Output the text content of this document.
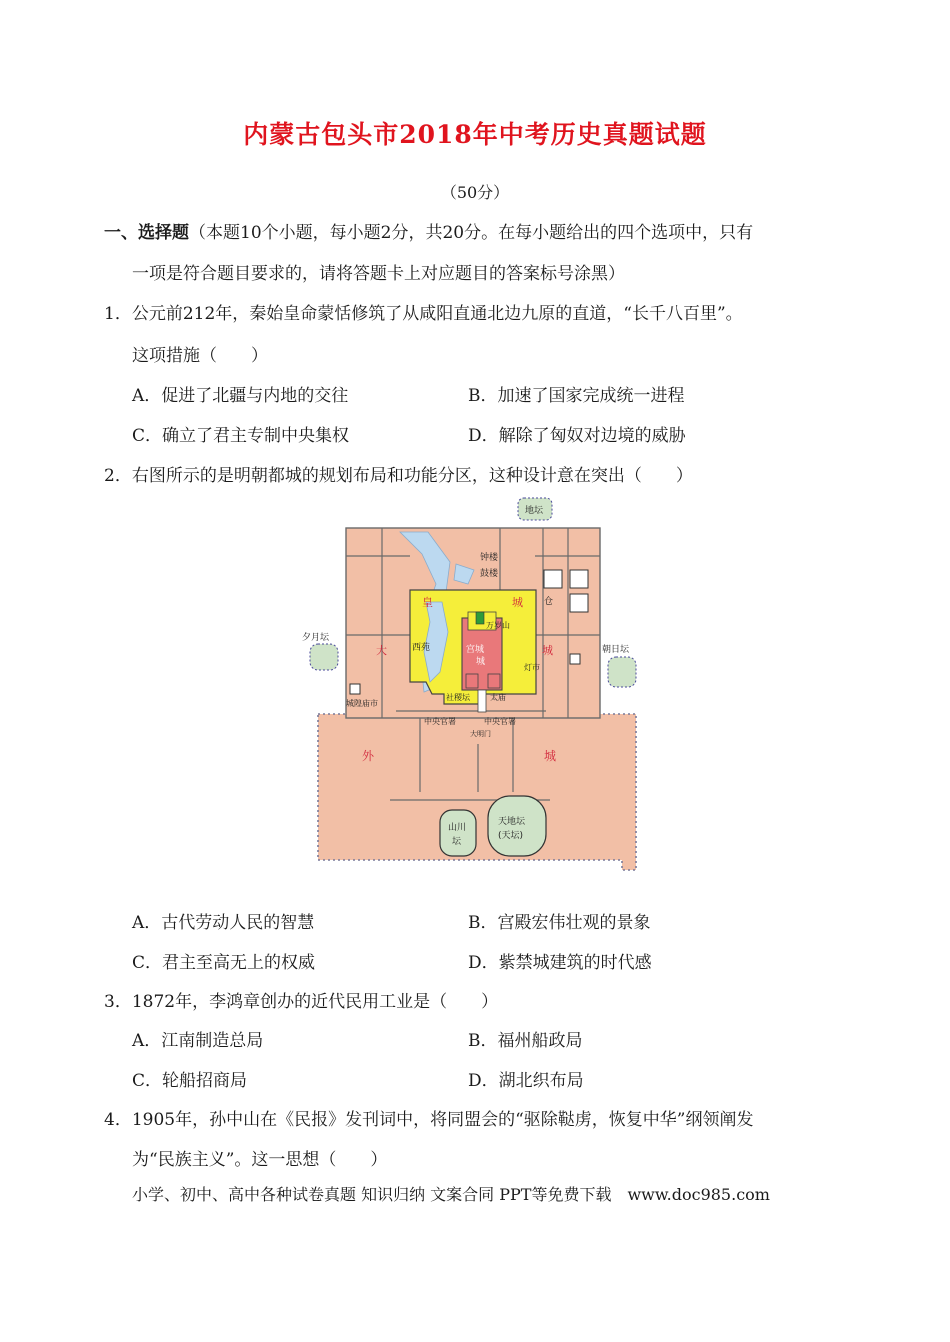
内蒙古包头市2018年中考历史真题试题
（50分）
一、选择题（本题10个小题，每小题2分，共20分。在每小题给出的四个选项中，只有
一项是符合题目要求的，请将答题卡上对应题目的答案标号涂黑）
1．公元前212年，秦始皇命蒙恬修筑了从咸阳直通北边九原的直道，“长千八百里”。
这项措施（　　）
A．促进了北疆与内地的交往	B．加速了国家完成统一进程
C．确立了君主专制中央集权	D．解除了匈奴对边境的威胁
2．右图所示的是明朝都城的规划布局和功能分区，这种设计意在突出（　　）
地坛
钟楼
鼓楼
皇	城
大	城
西苑
万岁山
宫城
城
灯市
夕月坛
朝日坛
仓
城隍庙市
社稷坛	太庙
中央官署	中央官署
大明门
外	城
山川
坛
天地坛
(天坛)
A．古代劳动人民的智慧	B．宫殿宏伟壮观的景象
C．君主至高无上的权威	D．紫禁城建筑的时代感
3．1872年，李鸿章创办的近代民用工业是（　　）
A．江南制造总局	B．福州船政局
C．轮船招商局	D．湖北织布局
4．1905年，孙中山在《民报》发刊词中，将同盟会的“驱除鞑虏，恢复中华”纲领阐发
为“民族主义”。这一思想（　　）
小学、初中、高中各种试卷真题 知识归纳 文案合同 PPT等免费下载　www.doc985.com
